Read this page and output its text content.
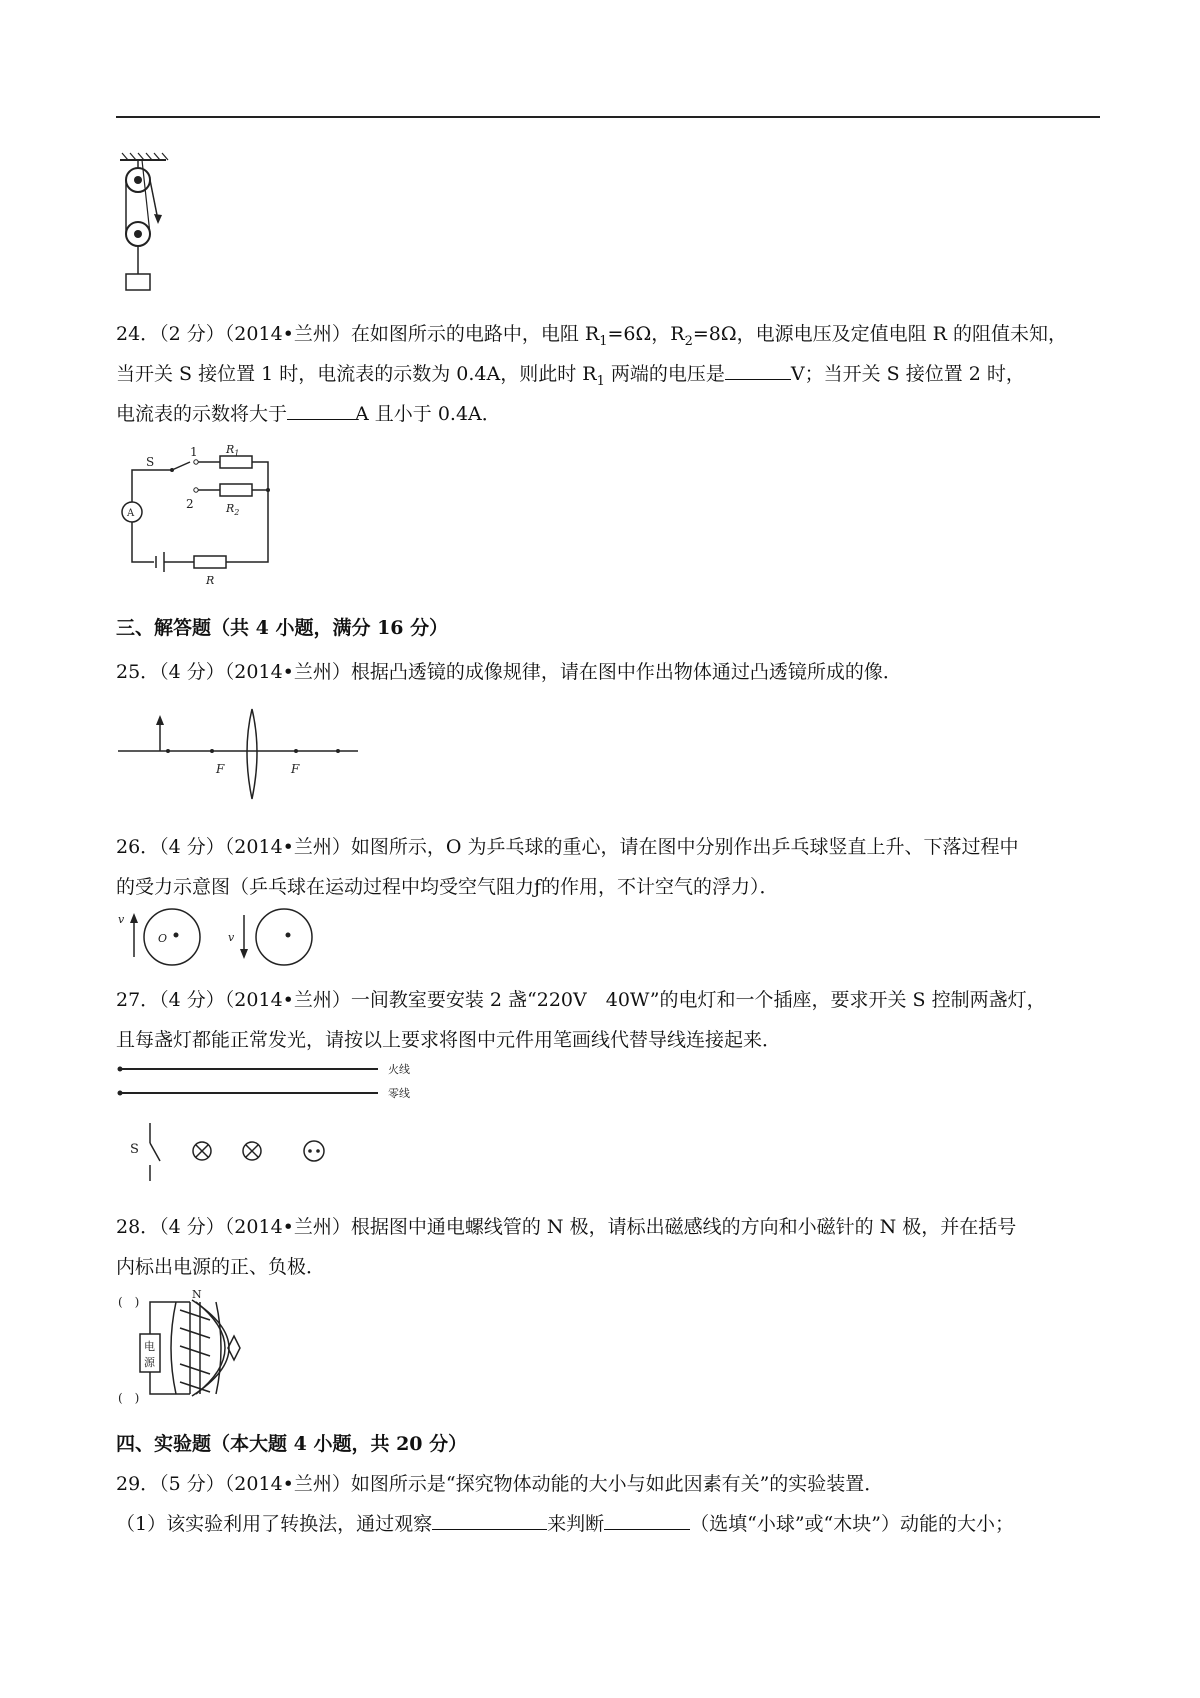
24．（2 分）（2014•兰州）在如图所示的电路中，电阻 $R_1=6\Omega$，$R_2=8\Omega$，电源电压及定值电阻 R 的阻值未知，

当开关 S 接位置 1 时，电流表的示数为 0.4A，则此时 $R_1$ 两端的电压是	V；当开关 S 接位置 2 时，

电流表的示数将大于	A 且小于 0.4A．

S
1
2
$R_1$
$R_2$
R
A

三、解答题（共 4 小题，满分 16 分）

25．（4 分）（2014•兰州）根据凸透镜的成像规律，请在图中作出物体通过凸透镜所成的像．

F	F

26．（4 分）（2014•兰州）如图所示，O 为乒乓球的重心，请在图中分别作出乒乓球竖直上升、下落过程中

的受力示意图（乒乓球在运动过程中均受空气阻力ƒ的作用，不计空气的浮力）．

v
O	v

27．（4 分）（2014•兰州）一间教室要安装 2 盏“220V　40W”的电灯和一个插座，要求开关 S 控制两盏灯，

且每盏灯都能正常发光，请按以上要求将图中元件用笔画线代替导线连接起来．

火线
零线
S

28．（4 分）（2014•兰州）根据图中通电螺线管的 N 极，请标出磁感线的方向和小磁针的 N 极，并在括号

内标出电源的正、负极．

(　)
(　)
N
电
源

四、实验题（本大题 4 小题，共 20 分）

29．（5 分）（2014•兰州）如图所示是“探究物体动能的大小与如此因素有关”的实验装置．

（1）该实验利用了转换法，通过观察	来判断	（选填“小球”或“木块”）动能的大小；
